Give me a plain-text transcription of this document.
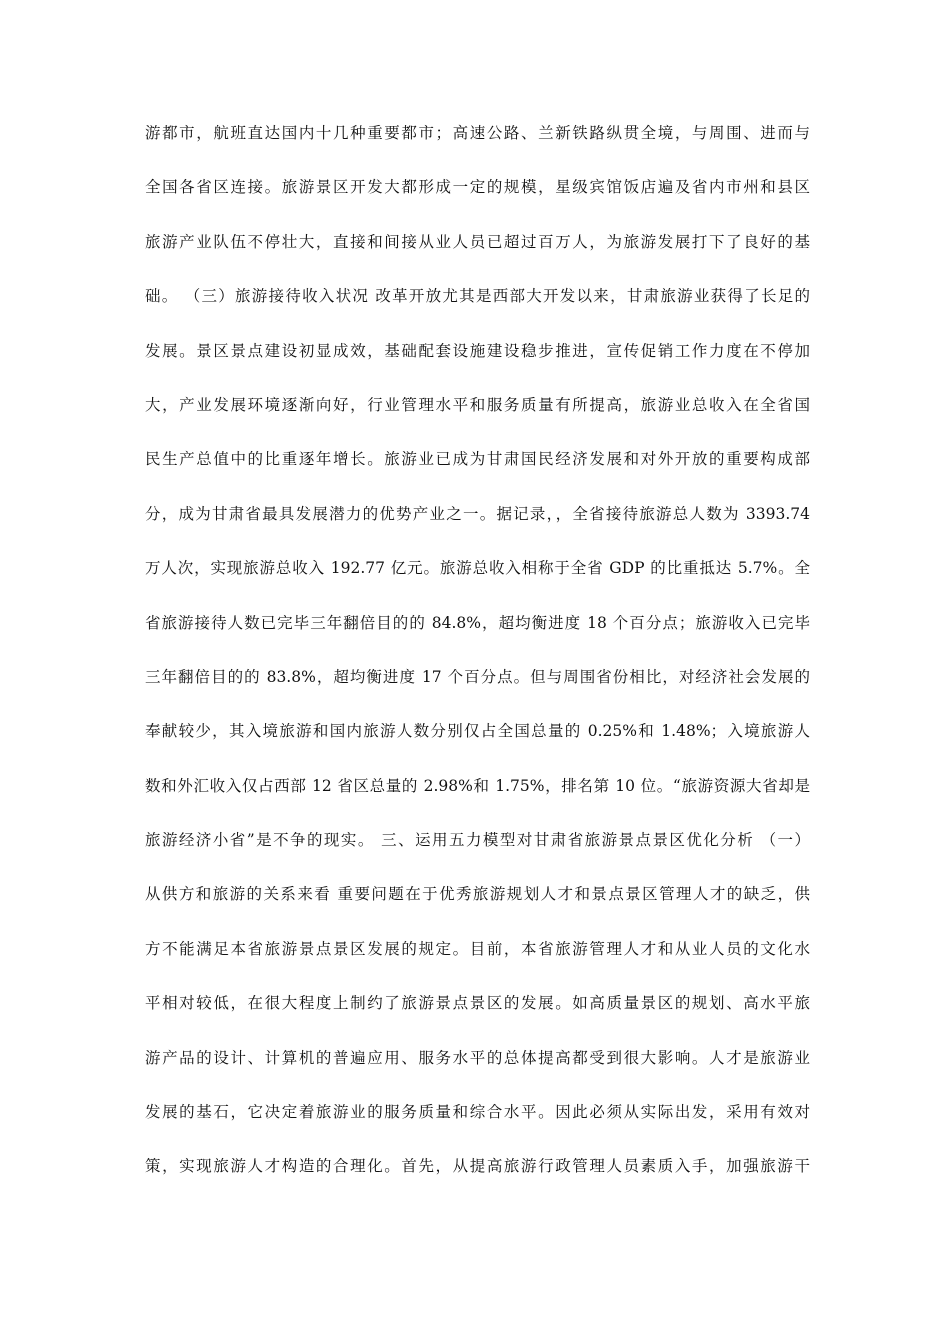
游都市，航班直达国内十几种重要都市；高速公路、兰新铁路纵贯全境，与周围、进而与
全国各省区连接。旅游景区开发大都形成一定的规模，星级宾馆饭店遍及省内市州和县区
旅游产业队伍不停壮大，直接和间接从业人员已超过百万人，为旅游发展打下了良好的基
础。 （三）旅游接待收入状况 改革开放尤其是西部大开发以来，甘肃旅游业获得了长足的
发展。景区景点建设初显成效，基础配套设施建设稳步推进，宣传促销工作力度在不停加
大，产业发展环境逐渐向好，行业管理水平和服务质量有所提高，旅游业总收入在全省国
民生产总值中的比重逐年增长。旅游业已成为甘肃国民经济发展和对外开放的重要构成部
分，成为甘肃省最具发展潜力的优势产业之一。据记录，，全省接待旅游总人数为 3393.74
万人次，实现旅游总收入 192.77 亿元。旅游总收入相称于全省 GDP 的比重抵达 5.7%。全
省旅游接待人数已完毕三年翻倍目的的 84.8%，超均衡进度 18 个百分点；旅游收入已完毕
三年翻倍目的的 83.8%，超均衡进度 17 个百分点。但与周围省份相比，对经济社会发展的
奉献较少，其入境旅游和国内旅游人数分别仅占全国总量的 0.25%和 1.48%；入境旅游人
数和外汇收入仅占西部 12 省区总量的 2.98%和 1.75%，排名第 10 位。“旅游资源大省却是
旅游经济小省”是不争的现实。 三、运用五力模型对甘肃省旅游景点景区优化分析 （一）
从供方和旅游的关系来看 重要问题在于优秀旅游规划人才和景点景区管理人才的缺乏，供
方不能满足本省旅游景点景区发展的规定。目前，本省旅游管理人才和从业人员的文化水
平相对较低，在很大程度上制约了旅游景点景区的发展。如高质量景区的规划、高水平旅
游产品的设计、计算机的普遍应用、服务水平的总体提高都受到很大影响。人才是旅游业
发展的基石，它决定着旅游业的服务质量和综合水平。因此必须从实际出发，采用有效对
策，实现旅游人才构造的合理化。首先，从提高旅游行政管理人员素质入手，加强旅游干
